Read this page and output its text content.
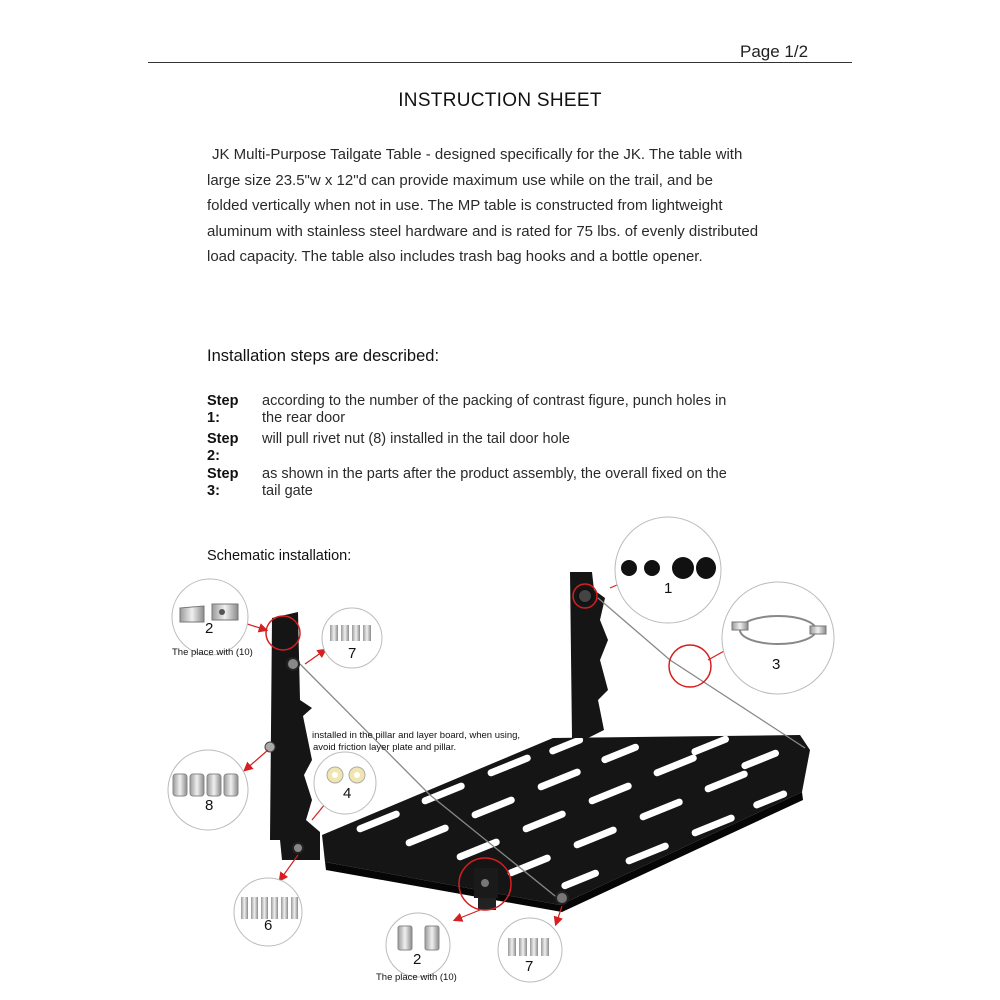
Page 1/2
INSTRUCTION SHEET
JK Multi-Purpose Tailgate Table - designed specifically for the JK. The table with
large size 23.5"w x 12"d can provide maximum use while on the trail, and be
folded vertically when not in use. The MP table is constructed from lightweight
aluminum with stainless steel hardware and is rated for 75 lbs. of evenly distributed
load capacity. The table also includes trash bag hooks and a bottle opener.
Installation steps are described:
Step 1:
according to the number of the packing of contrast figure, punch holes in
the rear door
Step 2:
will pull rivet nut (8) installed in the tail door hole
Step 3:
as shown in the parts after the product assembly, the overall fixed on the
tail gate
Schematic installation:
1
2
3
4
6
7
8
2	7
The place with (10)
The place with (10)
installed in the pillar and layer board, when using,
avoid friction layer plate and pillar.
